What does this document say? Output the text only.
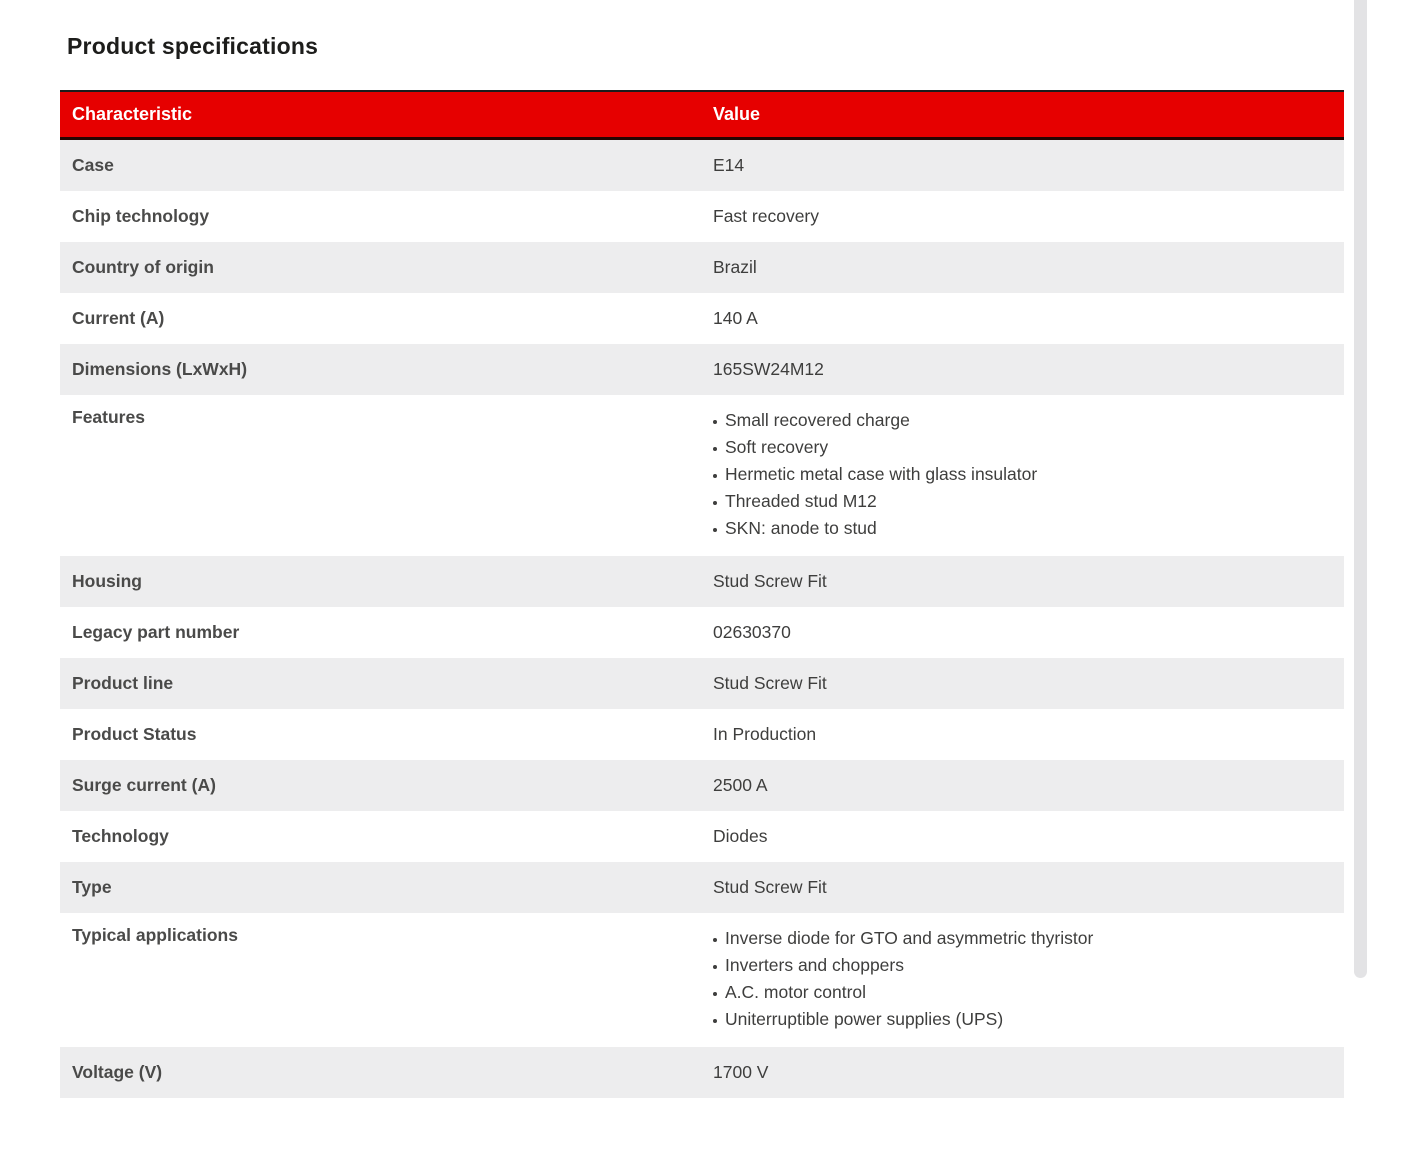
Product specifications
Characteristic	Value
Case	E14
Chip technology	Fast recovery
Country of origin	Brazil
Current (A)	140 A
Dimensions (LxWxH)	165SW24M12
Features	Small recovered charge
Soft recovery
Hermetic metal case with glass insulator
Threaded stud M12
SKN: anode to stud
Housing	Stud Screw Fit
Legacy part number	02630370
Product line	Stud Screw Fit
Product Status	In Production
Surge current (A)	2500 A
Technology	Diodes
Type	Stud Screw Fit
Typical applications	Inverse diode for GTO and asymmetric thyristor
Inverters and choppers
A.C. motor control
Uniterruptible power supplies (UPS)
Voltage (V)	1700 V
